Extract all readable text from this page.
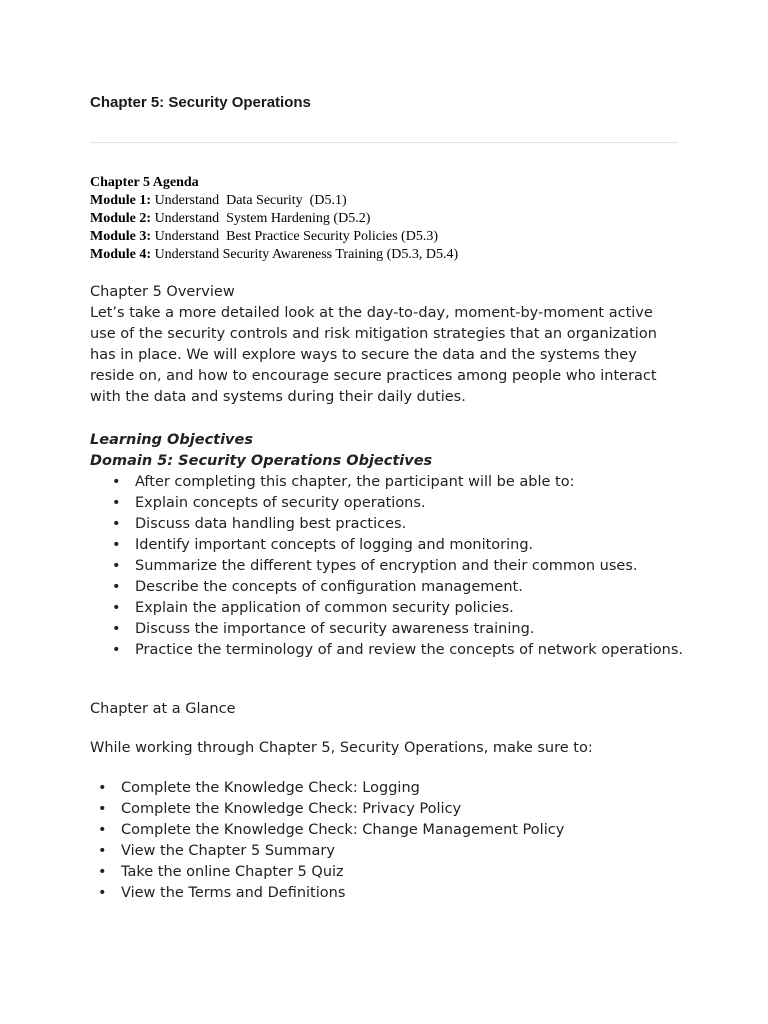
Chapter 5: Security Operations
Chapter 5 Agenda
Module 1: Understand  Data Security  (D5.1)
Module 2: Understand  System Hardening (D5.2)
Module 3: Understand  Best Practice Security Policies (D5.3)
Module 4: Understand Security Awareness Training (D5.3, D5.4)

Chapter 5 Overview

Let’s take a more detailed look at the day-to-day, moment-by-moment active use of the security controls and risk mitigation strategies that an organization has in place. We will explore ways to secure the data and the systems they reside on, and how to encourage secure practices among people who interact with the data and systems during their daily duties.

Learning Objectives

Domain 5: Security Operations Objectives

• After completing this chapter, the participant will be able to:
• Explain concepts of security operations.
• Discuss data handling best practices.
• Identify important concepts of logging and monitoring.
• Summarize the different types of encryption and their common uses.
• Describe the concepts of configuration management.
• Explain the application of common security policies.
• Discuss the importance of security awareness training.
• Practice the terminology of and review the concepts of network operations.
Chapter at a Glance
While working through Chapter 5, Security Operations, make sure to:
• Complete the Knowledge Check: Logging
• Complete the Knowledge Check: Privacy Policy
• Complete the Knowledge Check: Change Management Policy
• View the Chapter 5 Summary
• Take the online Chapter 5 Quiz
• View the Terms and Definitions
